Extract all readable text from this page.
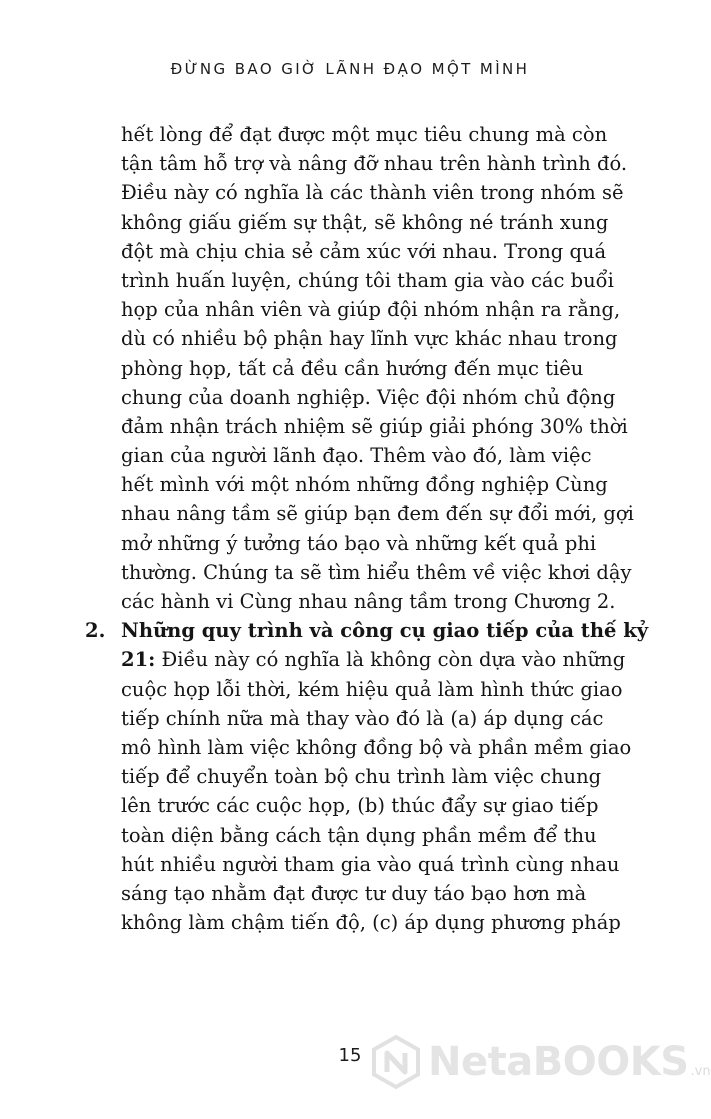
ĐỪNG BAO GIỜ LÃNH ĐẠO MỘT MÌNH
hết lòng để đạt được một mục tiêu chung mà còn
tận tâm hỗ trợ và nâng đỡ nhau trên hành trình đó.
Điều này có nghĩa là các thành viên trong nhóm sẽ
không giấu giếm sự thật, sẽ không né tránh xung
đột mà chịu chia sẻ cảm xúc với nhau. Trong quá
trình huấn luyện, chúng tôi tham gia vào các buổi
họp của nhân viên và giúp đội nhóm nhận ra rằng,
dù có nhiều bộ phận hay lĩnh vực khác nhau trong
phòng họp, tất cả đều cần hướng đến mục tiêu
chung của doanh nghiệp. Việc đội nhóm chủ động
đảm nhận trách nhiệm sẽ giúp giải phóng 30% thời
gian của người lãnh đạo. Thêm vào đó, làm việc
hết mình với một nhóm những đồng nghiệp Cùng
nhau nâng tầm sẽ giúp bạn đem đến sự đổi mới, gợi
mở những ý tưởng táo bạo và những kết quả phi
thường. Chúng ta sẽ tìm hiểu thêm về việc khơi dậy
các hành vi Cùng nhau nâng tầm trong Chương 2.
2. Những quy trình và công cụ giao tiếp của thế kỷ
21: Điều này có nghĩa là không còn dựa vào những
cuộc họp lỗi thời, kém hiệu quả làm hình thức giao
tiếp chính nữa mà thay vào đó là (a) áp dụng các
mô hình làm việc không đồng bộ và phần mềm giao
tiếp để chuyển toàn bộ chu trình làm việc chung
lên trước các cuộc họp, (b) thúc đẩy sự giao tiếp
toàn diện bằng cách tận dụng phần mềm để thu
hút nhiều người tham gia vào quá trình cùng nhau
sáng tạo nhằm đạt được tư duy táo bạo hơn mà
không làm chậm tiến độ, (c) áp dụng phương pháp
15	NetaBOOKS .vn
